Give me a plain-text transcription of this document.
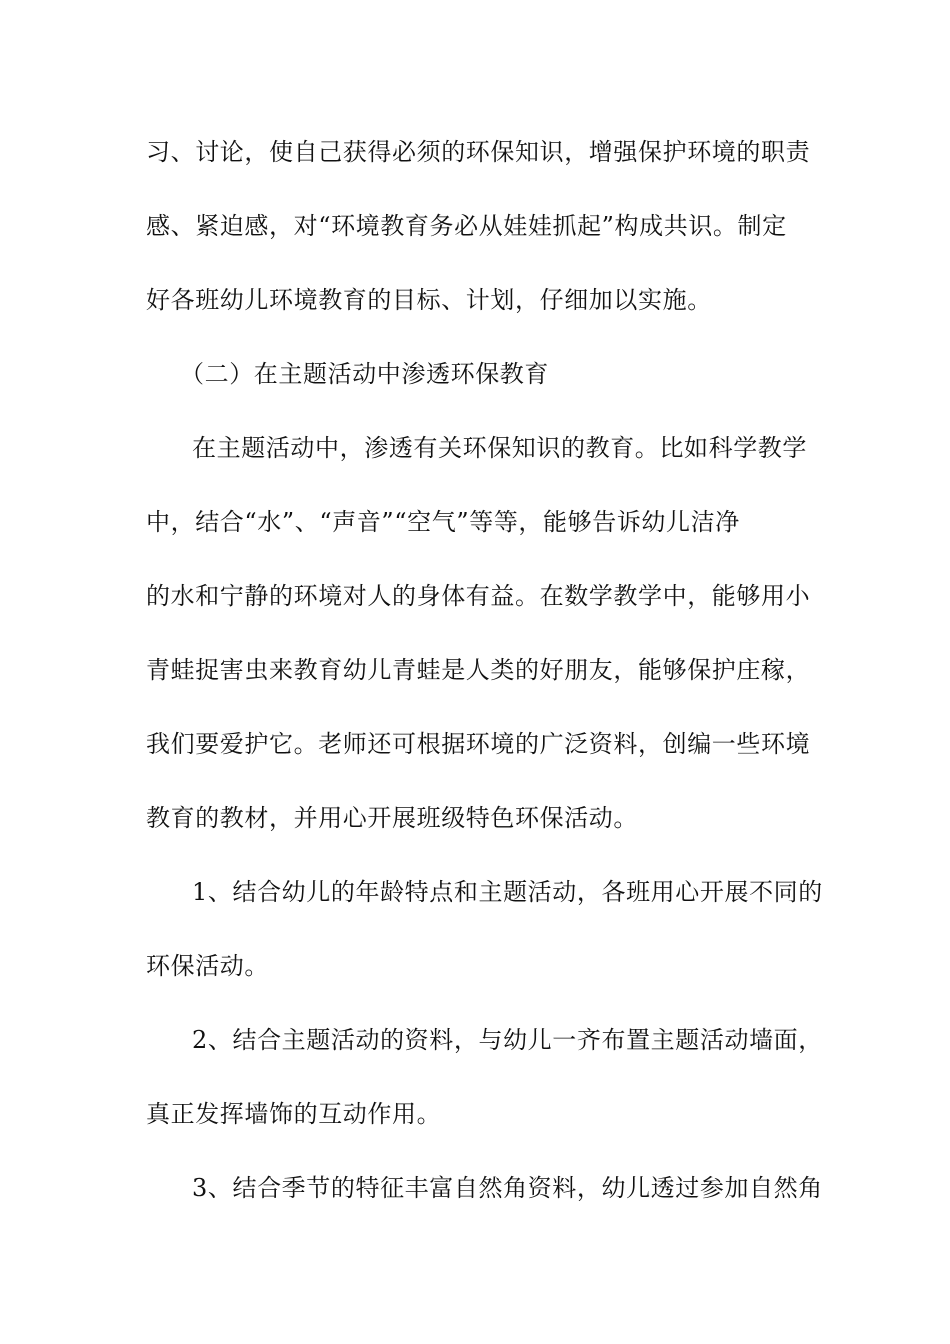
习、讨论，使自己获得必须的环保知识，增强保护环境的职责
感、紧迫感，对“环境教育务必从娃娃抓起”构成共识。制定
好各班幼儿环境教育的目标、计划，仔细加以实施。
（二）在主题活动中渗透环保教育
在主题活动中，渗透有关环保知识的教育。比如科学教学
中，结合“水”、“声音”“空气”等等，能够告诉幼儿洁净
的水和宁静的环境对人的身体有益。在数学教学中，能够用小
青蛙捉害虫来教育幼儿青蛙是人类的好朋友，能够保护庄稼，
我们要爱护它。老师还可根据环境的广泛资料，创编一些环境
教育的教材，并用心开展班级特色环保活动。
1、结合幼儿的年龄特点和主题活动，各班用心开展不同的
环保活动。
2、结合主题活动的资料，与幼儿一齐布置主题活动墙面，
真正发挥墙饰的互动作用。
3、结合季节的特征丰富自然角资料，幼儿透过参加自然角
